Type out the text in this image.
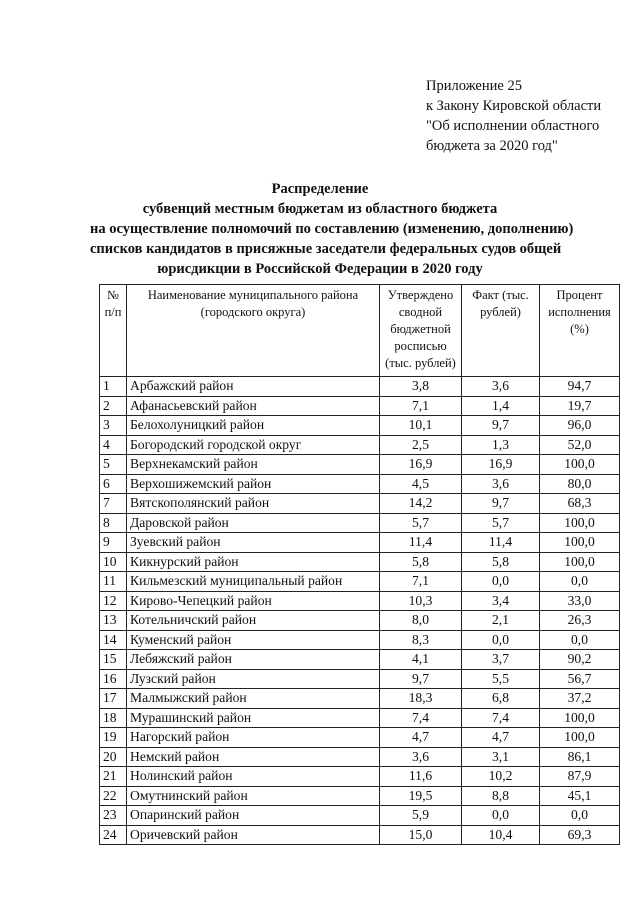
Приложение 25
к Закону Кировской области
"Об исполнении областного
бюджета за 2020 год"
Распределение
субвенций местным бюджетам из областного бюджета
на осуществление полномочий по составлению (изменению, дополнению)
списков кандидатов в присяжные заседатели федеральных судов общей
юрисдикции в Российской Федерации в 2020 году
№ п/п	Наименование муниципального района (городского округа)	Утверждено сводной бюджетной росписью (тыс. рублей)	Факт (тыс. рублей)	Процент исполнения (%)
1	Арбажский район	3,8	3,6	94,7
2	Афанасьевский район	7,1	1,4	19,7
3	Белохолуницкий район	10,1	9,7	96,0
4	Богородский городской округ	2,5	1,3	52,0
5	Верхнекамский район	16,9	16,9	100,0
6	Верхошижемский район	4,5	3,6	80,0
7	Вятскополянский район	14,2	9,7	68,3
8	Даровской район	5,7	5,7	100,0
9	Зуевский район	11,4	11,4	100,0
10	Кикнурский район	5,8	5,8	100,0
11	Кильмезский муниципальный район	7,1	0,0	0,0
12	Кирово-Чепецкий район	10,3	3,4	33,0
13	Котельничский район	8,0	2,1	26,3
14	Куменский район	8,3	0,0	0,0
15	Лебяжский район	4,1	3,7	90,2
16	Лузский район	9,7	5,5	56,7
17	Малмыжский район	18,3	6,8	37,2
18	Мурашинский район	7,4	7,4	100,0
19	Нагорский район	4,7	4,7	100,0
20	Немский район	3,6	3,1	86,1
21	Нолинский район	11,6	10,2	87,9
22	Омутнинский район	19,5	8,8	45,1
23	Опаринский район	5,9	0,0	0,0
24	Оричевский район	15,0	10,4	69,3
